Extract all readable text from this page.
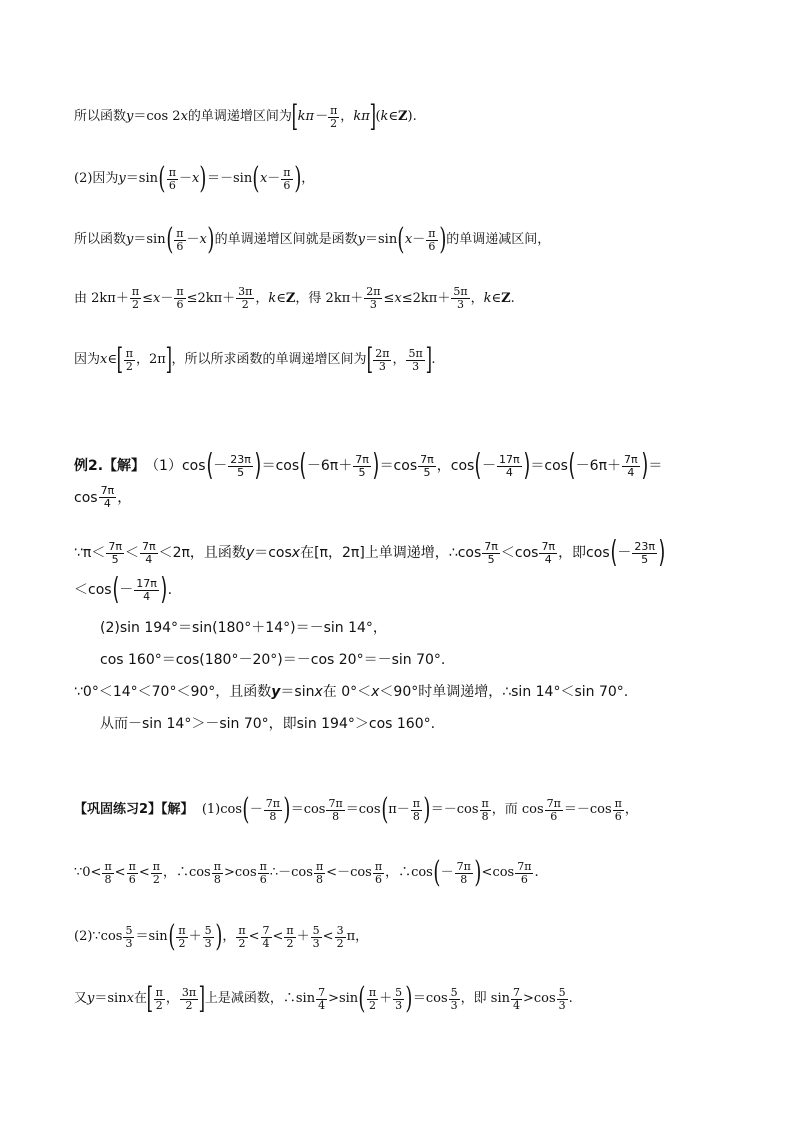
所以函数 y ＝cos 2 x 的单调递增区间为 [ $k\pi- \frac{\pi}{2}$ ， kπ ] ( k ∈ Z ).
(2)因为 y ＝sin ( $\frac{\pi}{6} - x$ ) ＝－sin ( $x - \frac{\pi}{6}$ ) ，
所以函数 y ＝sin ( $\frac{\pi}{6} - x$ ) 的单调递增区间就是函数 y ＝sin ( $x - \frac{\pi}{6}$ ) 的单调递减区间，
由 $2k\pi+ \frac{\pi}{2} \le x - \frac{\pi}{6} \le 2k\pi+ \frac{3\pi}{2}$ ， k ∈ Z ，得 $2k\pi+ \frac{2\pi}{3} \le x \le 2k\pi+ \frac{5\pi}{3}$ ， k ∈ Z .
因为 x ∈ [ $\frac{\pi}{2}$ ，2π ] ，所以所求函数的单调递增区间为 [ $\frac{2\pi}{3}$ ， $\frac{5\pi}{3}$ ] .
例2.【解】 （1）cos ( － $\frac{23\pi}{5}$ ) ＝cos ( $-6\pi+ \frac{7\pi}{5}$ ) $=\cos \frac{7\pi}{5}$ ，cos ( － $\frac{17\pi}{4}$ ) ＝cos ( $-6\pi+ \frac{7\pi}{4}$ ) ＝
$\cos \frac{7\pi}{4}$ ，
∵π＜ $\frac{7\pi}{5} < \frac{7\pi}{4} <2\pi$，且函数 y ＝cos x 在[π，2π]上单调递增，∴cos $\frac{7\pi}{5} <\cos \frac{7\pi}{4}$ ，即cos ( － $\frac{23\pi}{5}$ )
＜cos ( － $\frac{17\pi}{4}$ ) .
(2)sin 194°＝sin(180°＋14°)＝－sin 14°，
cos 160°＝cos(180°－20°)＝－cos 20°＝－sin 70°.
∵0°＜14°＜70°＜90°，且函数 y ＝sin x 在 0°＜ x ＜90°时单调递增，∴sin 14°＜sin 70°.
从而－sin 14°＞－sin 70°，即sin 194°＞cos 160°.
【巩固练习2】【解】
(1)cos ( － $\frac{7\pi}{8}$ ) $=\cos \frac{7\pi}{8} =\cos$ ( $\pi- \frac{\pi}{8}$ ) $=-\cos \frac{\pi}{8}$ ，而 $\cos \frac{7\pi}{6} =-\cos \frac{\pi}{6}$ ，
∵0< $\frac{\pi}{8} < \frac{\pi}{6} < \frac{\pi}{2}$ ，∴cos $\frac{\pi}{8} >\cos \frac{\pi}{6}$ ∴－cos $\frac{\pi}{8} <-\cos \frac{\pi}{6}$ ，∴cos ( － $\frac{7\pi}{8}$ ) $<\cos \frac{7\pi}{6}$ .
(2)∵cos $\frac{5}{3} =\sin$ ( $\frac{\pi}{2} + \frac{5}{3}$ ) ， $\frac{\pi}{2} < \frac{7}{4} < \frac{\pi}{2} + \frac{5}{3} < \frac{3}{2}$ π，
又 y ＝sin x 在 [ $\frac{\pi}{2}$ ， $\frac{3\pi}{2}$ ] 上是减函数，∴sin $\frac{7}{4} >\sin$ ( $\frac{\pi}{2} + \frac{5}{3}$ ) $=\cos \frac{5}{3}$ ，即 $\sin \frac{7}{4} >\cos \frac{5}{3}$ .
